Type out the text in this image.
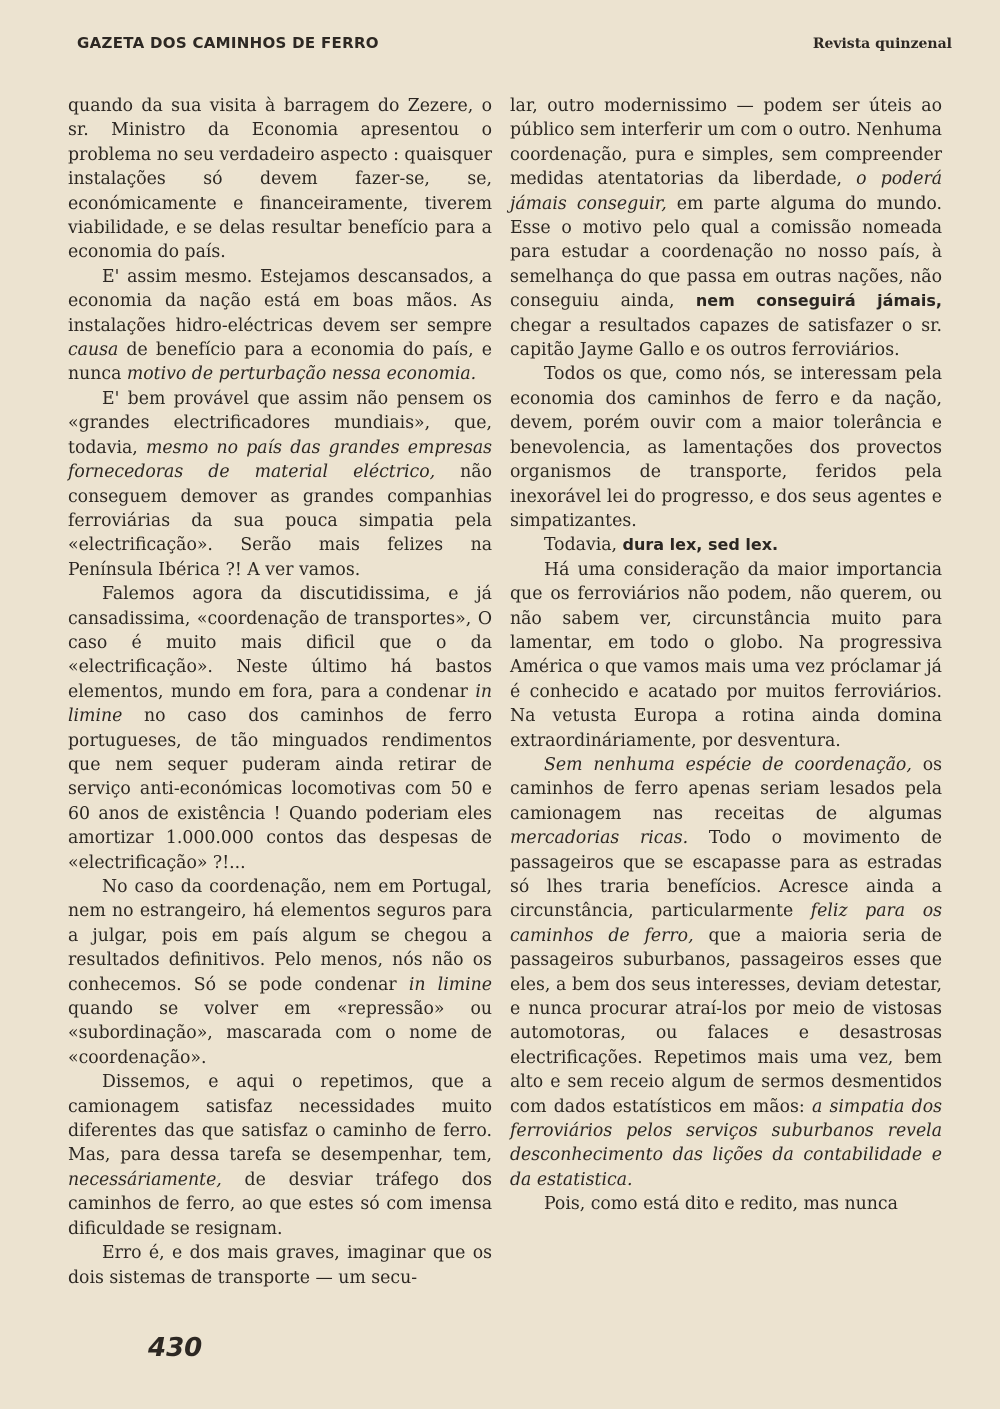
GAZETA DOS CAMINHOS DE FERRO	Revista quinzenal

quando da sua visita à barragem do Zezere, o sr. Ministro da Economia apresentou o problema no seu verdadeiro aspecto : quaisquer instalações só devem fazer-se, se, económicamente e financeiramente, tiverem viabilidade, e se delas resultar benefício para a economia do país.

E' assim mesmo. Estejamos descansados, a economia da nação está em boas mãos. As instalações hidro-eléctricas devem ser sempre causa de benefício para a economia do país, e nunca motivo de perturbação nessa economia.

E' bem provável que assim não pensem os «grandes electrificadores mundiais», que, todavia, mesmo no país das grandes empresas fornecedoras de material eléctrico, não conseguem demover as grandes companhias ferroviárias da sua pouca simpatia pela «electrificação». Serão mais felizes na Península Ibérica ?! A ver vamos.

Falemos agora da discutidissima, e já cansadissima, «coordenação de transportes», O caso é muito mais dificil que o da «electrificação». Neste último há bastos elementos, mundo em fora, para a condenar in limine no caso dos caminhos de ferro portugueses, de tão minguados rendimentos que nem sequer puderam ainda retirar de serviço anti-económicas locomotivas com 50 e 60 anos de existência ! Quando poderiam eles amortizar 1.000.000 contos das despesas de «electrificação» ?!...

No caso da coordenação, nem em Portugal, nem no estrangeiro, há elementos seguros para a julgar, pois em país algum se chegou a resultados definitivos. Pelo menos, nós não os conhecemos. Só se pode condenar in limine quando se volver em «repressão» ou «subordinação», mascarada com o nome de «coordenação».

Dissemos, e aqui o repetimos, que a camionagem satisfaz necessidades muito diferentes das que satisfaz o caminho de ferro. Mas, para dessa tarefa se desempenhar, tem, necessáriamente, de desviar tráfego dos caminhos de ferro, ao que estes só com imensa dificuldade se resignam.

Erro é, e dos mais graves, imaginar que os dois sistemas de transporte — um secu-

lar, outro modernissimo — podem ser úteis ao público sem interferir um com o outro. Nenhuma coordenação, pura e simples, sem compreender medidas atentatorias da liberdade, o poderá jámais conseguir, em parte alguma do mundo. Esse o motivo pelo qual a comissão nomeada para estudar a coordenação no nosso país, à semelhança do que passa em outras nações, não conseguiu ainda, nem conseguirá jámais, chegar a resultados capazes de satisfazer o sr. capitão Jayme Gallo e os outros ferroviários.

Todos os que, como nós, se interessam pela economia dos caminhos de ferro e da nação, devem, porém ouvir com a maior tolerância e benevolencia, as lamentações dos provectos organismos de transporte, feridos pela inexorável lei do progresso, e dos seus agentes e simpatizantes.

Todavia, dura lex, sed lex.

Há uma consideração da maior importancia que os ferroviários não podem, não querem, ou não sabem ver, circunstância muito para lamentar, em todo o globo. Na progressiva América o que vamos mais uma vez próclamar já é conhecido e acatado por muitos ferroviários. Na vetusta Europa a rotina ainda domina extraordináriamente, por desventura.

Sem nenhuma espécie de coordenação, os caminhos de ferro apenas seriam lesados pela camionagem nas receitas de algumas mercadorias ricas. Todo o movimento de passageiros que se escapasse para as estradas só lhes traria benefícios. Acresce ainda a circunstância, particularmente feliz para os caminhos de ferro, que a maioria seria de passageiros suburbanos, passageiros esses que eles, a bem dos seus interesses, deviam detestar, e nunca procurar atraí-los por meio de vistosas automotoras, ou falaces e desastrosas electrificações. Repetimos mais uma vez, bem alto e sem receio algum de sermos desmentidos com dados estatísticos em mãos: a simpatia dos ferroviários pelos serviços suburbanos revela desconhecimento das lições da contabilidade e da estatistica.

Pois, como está dito e redito, mas nunca

430
